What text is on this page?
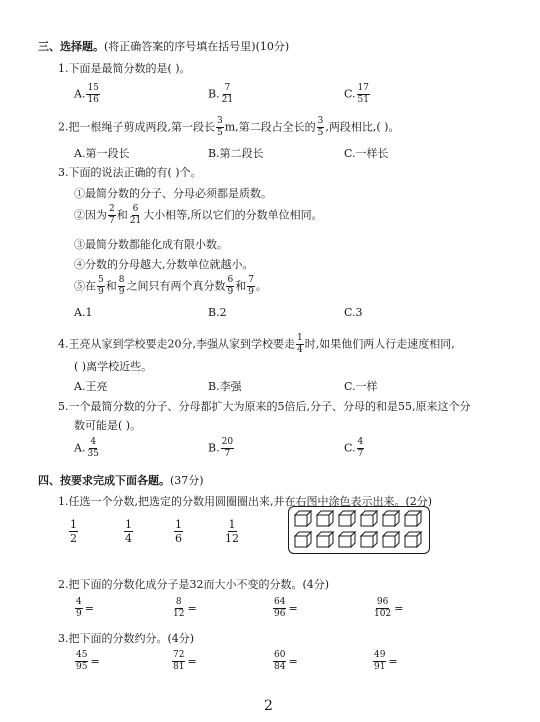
三、选择题。(将正确答案的序号填在括号里)(10分)
1.下面是最简分数的是( )。
A. $\frac{15}{16}$	B. $\frac{7}{21}$	C. $\frac{17}{51}$
2.把一根绳子剪成两段,第一段长 $\frac{3}{5} m$,第二段占全长的 $\frac{3}{5}$ ,两段相比,( )。
A.第一段长	B.第二段长	C.一样长
3.下面的说法正确的有( )个。
①最简分数的分子、分母必须都是质数。
②因为 $\frac{2}{7}$ 和 $\frac{6}{21}$ 大小相等,所以它们的分数单位相同。
③最简分数都能化成有限小数。
④分数的分母越大,分数单位就越小。
⑤在 $\frac{5}{9}$ 和 $\frac{8}{9}$ 之间只有两个真分数 $\frac{6}{9}$ 和 $\frac{7}{9}$ 。
A.1	B.2	C.3
4.王亮从家到学校要走20分,李强从家到学校要走 $\frac{1}{4}$ 时,如果他们两人行走速度相同,
( )离学校近些。
A.王亮	B.李强	C.一样
5.一个最简分数的分子、分母都扩大为原来的5倍后,分子、分母的和是55,原来这个分
数可能是( )。
A. $\frac{4}{35}$	B. $\frac{20}{7}$	C. $\frac{4}{7}$
四、按要求完成下面各题。(37分)
1.任选一个分数,把选定的分数用圆圈圈出来,并在右图中涂色表示出来。(2分)
$\frac{1}{2}$	$\frac{1}{4}$	$\frac{1}{6}$	$\frac{1}{12}$
2.把下面的分数化成分子是32而大小不变的分数。(4分)
$\frac{4}{9}$ =	$\frac{8}{12}$ =	$\frac{64}{96}$ =	$\frac{96}{102}$ =
3.把下面的分数约分。(4分)
$\frac{45}{95}$ =	$\frac{72}{81}$ =	$\frac{60}{84}$ =	$\frac{49}{91}$ =
2
